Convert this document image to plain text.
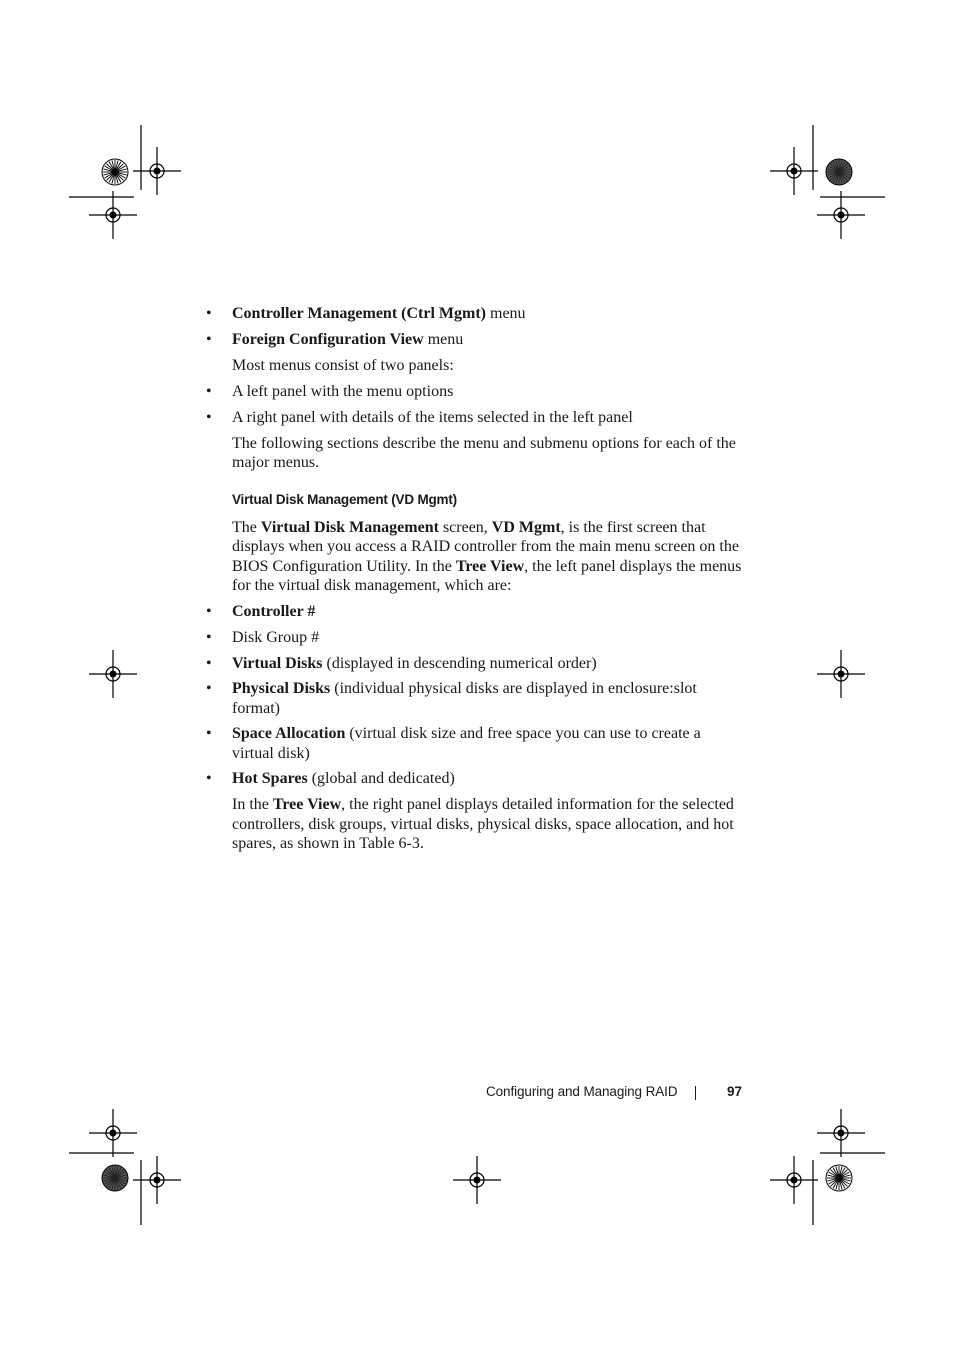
• Controller Management (Ctrl Mgmt) menu

• Foreign Configuration View menu

Most menus consist of two panels:

• A left panel with the menu options

• A right panel with details of the items selected in the left panel

The following sections describe the menu and submenu options for each of the major menus.

Virtual Disk Management (VD Mgmt)

The Virtual Disk Management screen, VD Mgmt, is the first screen that displays when you access a RAID controller from the main menu screen on the BIOS Configuration Utility. In the Tree View, the left panel displays the menus for the virtual disk management, which are:

• Controller #

• Disk Group #

• Virtual Disks (displayed in descending numerical order)

• Physical Disks (individual physical disks are displayed in enclosure:slot format)

• Space Allocation (virtual disk size and free space you can use to create a virtual disk)

• Hot Spares (global and dedicated)

In the Tree View, the right panel displays detailed information for the selected controllers, disk groups, virtual disks, physical disks, space allocation, and hot spares, as shown in Table 6-3.

Configuring and Managing RAID	97
